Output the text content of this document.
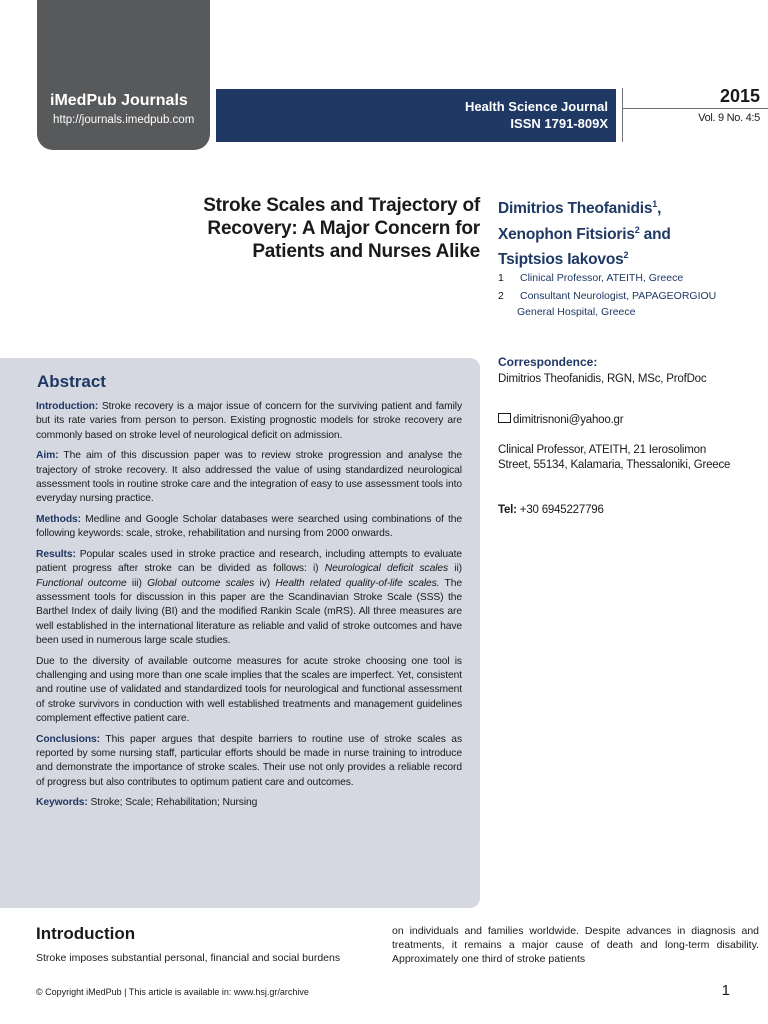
iMedPub Journals
http://journals.imedpub.com
Health Science Journal
ISSN 1791-809X
2015
Vol. 9 No. 4:5
Stroke Scales and Trajectory of Recovery: A Major Concern for Patients and Nurses Alike
Dimitrios Theofanidis$^1$,
Xenophon Fitsioris$^2$ and
Tsiptsios Iakovos$^2$
1 Clinical Professor, ATEITH, Greece
2 Consultant Neurologist, PAPAGEORGIOU
General Hospital, Greece
Correspondence:
Dimitrios Theofanidis, RGN, MSc, ProfDoc
dimitrisnoni@yahoo.gr
Clinical Professor, ATEITH, 21 Ierosolimon Street, 55134, Kalamaria, Thessaloniki, Greece
Tel: +30 6945227796
Abstract

Introduction: Stroke recovery is a major issue of concern for the surviving patient and family but its rate varies from person to person. Existing prognostic models for stroke recovery are commonly based on stroke level of neurological deficit on admission.

Aim: The aim of this discussion paper was to review stroke progression and analyse the trajectory of stroke recovery. It also addressed the value of using standardized neurological assessment tools in routine stroke care and the integration of easy to use assessment tools into everyday nursing practice.

Methods: Medline and Google Scholar databases were searched using combinations of the following keywords: scale, stroke, rehabilitation and nursing from 2000 onwards.

Results: Popular scales used in stroke practice and research, including attempts to evaluate patient progress after stroke can be divided as follows: i) Neurological deficit scales ii) Functional outcome iii) Global outcome scales iv) Health related quality-of-life scales. The assessment tools for discussion in this paper are the Scandinavian Stroke Scale (SSS) the Barthel Index of daily living (BI) and the modified Rankin Scale (mRS). All three measures are well established in the international literature as reliable and valid of stroke outcomes and have been used in numerous large scale studies.

Due to the diversity of available outcome measures for acute stroke choosing one tool is challenging and using more than one scale implies that the scales are imperfect. Yet, consistent and routine use of validated and standardized tools for neurological and functional assessment of stroke survivors in conduction with well established treatments and management guidelines complement effective patient care.

Conclusions: This paper argues that despite barriers to routine use of stroke scales as reported by some nursing staff, particular efforts should be made in nurse training to introduce and demonstrate the importance of stroke scales. Their use not only provides a reliable record of progress but also contributes to optimum patient care and outcomes.

Keywords: Stroke; Scale; Rehabilitation; Nursing

Introduction
Stroke imposes substantial personal, financial and social burdens
on individuals and families worldwide. Despite advances in diagnosis and treatments, it remains a major cause of death and long-term disability. Approximately one third of stroke patients
© Copyright iMedPub | This article is available in: www.hsj.gr/archive	1
